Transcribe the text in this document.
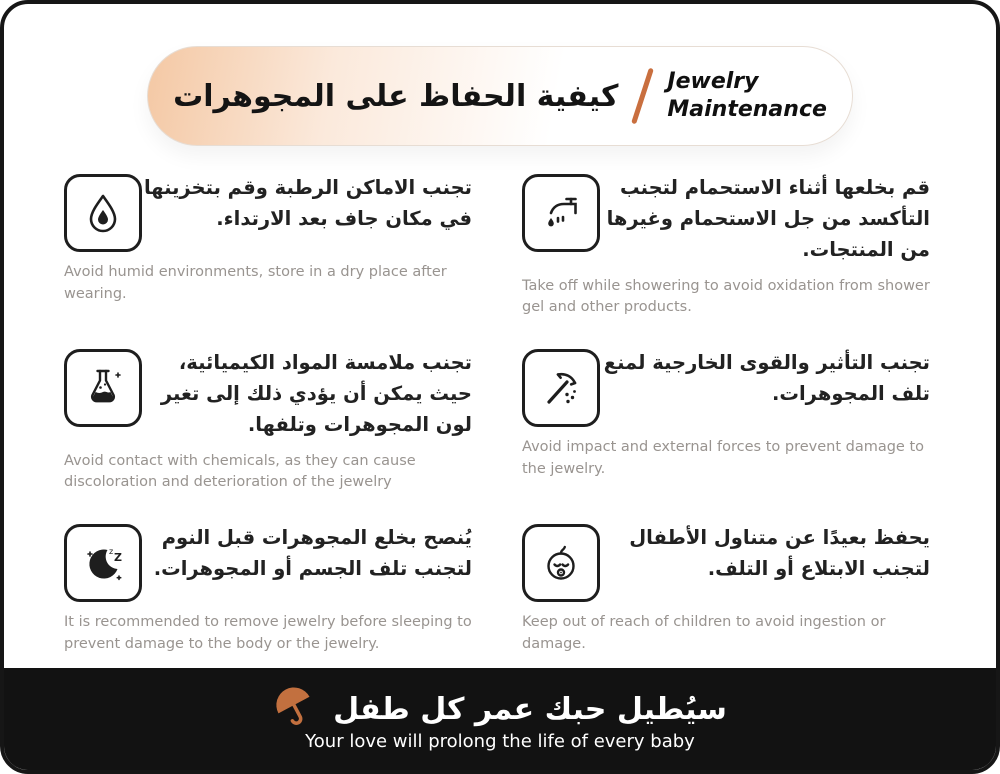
كيفية الحفاظ على المجوهرات Jewelry
Maintenance
تجنب الاماكن الرطبة وقم بتخزينها في مكان جاف بعد الارتداء.
Avoid humid environments, store in a dry place after wearing.
قم بخلعها أثناء الاستحمام لتجنب التأكسد من جل الاستحمام وغيرها من المنتجات.
Take off while showering to avoid oxidation from shower gel and other products.
تجنب ملامسة المواد الكيميائية، حيث يمكن أن يؤدي ذلك إلى تغير لون المجوهرات وتلفها.
Avoid contact with chemicals, as they can cause discoloration and deterioration of the jewelry
تجنب التأثير والقوى الخارجية لمنع تلف المجوهرات.
Avoid impact and external forces to prevent damage to the jewelry.
z Z
يُنصح بخلع المجوهرات قبل النوم لتجنب تلف الجسم أو المجوهرات.
It is recommended to remove jewelry before sleeping to prevent damage to the body or the jewelry.
يحفظ بعيدًا عن متناول الأطفال لتجنب الابتلاع أو التلف.
Keep out of reach of children to avoid ingestion or damage.
سيُطيل حبك عمر كل طفل
Your love will prolong the life of every baby
